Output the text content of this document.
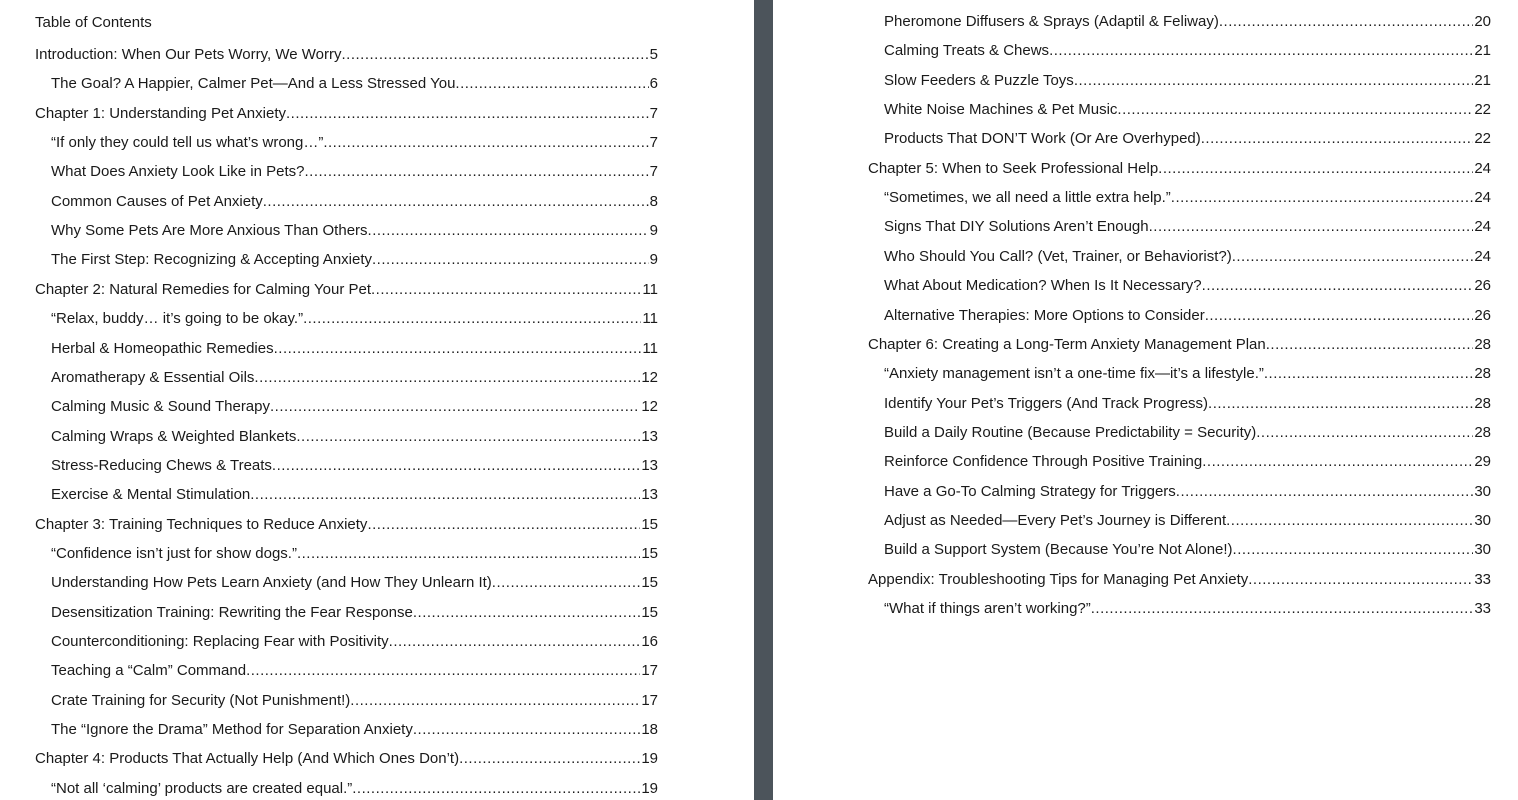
Table of Contents
Introduction: When Our Pets Worry, We Worry .....	5
The Goal? A Happier, Calmer Pet—And a Less Stressed You .....	6
Chapter 1: Understanding Pet Anxiety .....	7
“If only they could tell us what’s wrong…” .....	7
What Does Anxiety Look Like in Pets? .....	7
Common Causes of Pet Anxiety .....	8
Why Some Pets Are More Anxious Than Others .....	9
The First Step: Recognizing & Accepting Anxiety .....	9
Chapter 2: Natural Remedies for Calming Your Pet .....	11
“Relax, buddy… it’s going to be okay.” .....	11
Herbal & Homeopathic Remedies .....	11
Aromatherapy & Essential Oils .....	12
Calming Music & Sound Therapy .....	12
Calming Wraps & Weighted Blankets .....	13
Stress-Reducing Chews & Treats .....	13
Exercise & Mental Stimulation .....	13
Chapter 3: Training Techniques to Reduce Anxiety .....	15
“Confidence isn’t just for show dogs.” .....	15
Understanding How Pets Learn Anxiety (and How They Unlearn It) .....	15
Desensitization Training: Rewriting the Fear Response .....	15
Counterconditioning: Replacing Fear with Positivity .....	16
Teaching a “Calm” Command .....	17
Crate Training for Security (Not Punishment!) .....	17
The “Ignore the Drama” Method for Separation Anxiety .....	18
Chapter 4: Products That Actually Help (And Which Ones Don’t) .....	19
“Not all ‘calming’ products are created equal.” .....	19
Pheromone Diffusers & Sprays (Adaptil & Feliway) .....	20
Calming Treats & Chews .....	21
Slow Feeders & Puzzle Toys .....	21
White Noise Machines & Pet Music .....	22
Products That DON’T Work (Or Are Overhyped) .....	22
Chapter 5: When to Seek Professional Help .....	24
“Sometimes, we all need a little extra help.” .....	24
Signs That DIY Solutions Aren’t Enough .....	24
Who Should You Call? (Vet, Trainer, or Behaviorist?) .....	24
What About Medication? When Is It Necessary? .....	26
Alternative Therapies: More Options to Consider .....	26
Chapter 6: Creating a Long-Term Anxiety Management Plan .....	28
“Anxiety management isn’t a one-time fix—it’s a lifestyle.” .....	28
Identify Your Pet’s Triggers (And Track Progress) .....	28
Build a Daily Routine (Because Predictability = Security) .....	28
Reinforce Confidence Through Positive Training .....	29
Have a Go-To Calming Strategy for Triggers .....	30
Adjust as Needed—Every Pet’s Journey is Different .....	30
Build a Support System (Because You’re Not Alone!) .....	30
Appendix: Troubleshooting Tips for Managing Pet Anxiety .....	33
“What if things aren’t working?” .....	33
